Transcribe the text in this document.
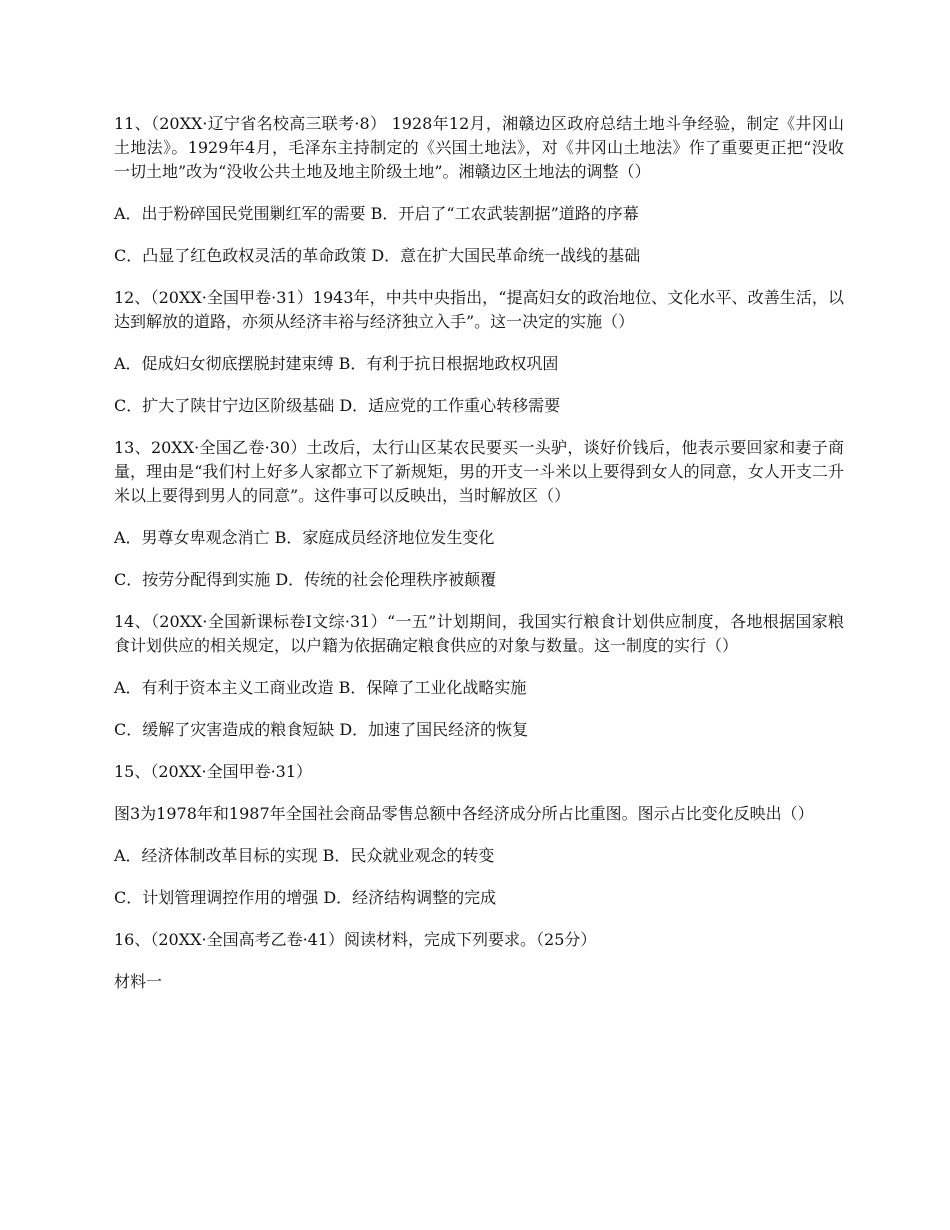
11、（20XX·辽宁省名校高三联考·8） 1928年12月，湘赣边区政府总结土地斗争经验，制定《井冈山土地法》。1929年4月，毛泽东主持制定的《兴国土地法》，对《井冈山土地法》作了重要更正把“没收一切土地”改为“没收公共土地及地主阶级土地”。湘赣边区土地法的调整（）

A．出于粉碎国民党围剿红军的需要 B．开启了“工农武装割据”道路的序幕

C．凸显了红色政权灵活的革命政策 D．意在扩大国民革命统一战线的基础

12、（20XX·全国甲卷·31）1943年，中共中央指出，“提高妇女的政治地位、文化水平、改善生活，以达到解放的道路，亦须从经济丰裕与经济独立入手”。这一决定的实施（）

A．促成妇女彻底摆脱封建束缚 B．有利于抗日根据地政权巩固

C．扩大了陕甘宁边区阶级基础 D．适应党的工作重心转移需要

13、20XX·全国乙卷·30）土改后，太行山区某农民要买一头驴，谈好价钱后，他表示要回家和妻子商量，理由是“我们村上好多人家都立下了新规矩，男的开支一斗米以上要得到女人的同意，女人开支二升米以上要得到男人的同意”。这件事可以反映出，当时解放区（）

A．男尊女卑观念消亡 B．家庭成员经济地位发生变化

C．按劳分配得到实施 D．传统的社会伦理秩序被颠覆

14、（20XX·全国新课标卷Ⅰ文综·31）“一五”计划期间，我国实行粮食计划供应制度，各地根据国家粮食计划供应的相关规定，以户籍为依据确定粮食供应的对象与数量。这一制度的实行（）

A．有利于资本主义工商业改造 B．保障了工业化战略实施

C．缓解了灾害造成的粮食短缺 D．加速了国民经济的恢复

15、（20XX·全国甲卷·31）

图3为1978年和1987年全国社会商品零售总额中各经济成分所占比重图。图示占比变化反映出（）

A．经济体制改革目标的实现 B．民众就业观念的转变

C．计划管理调控作用的增强 D．经济结构调整的完成

16、（20XX·全国高考乙卷·41）阅读材料，完成下列要求。（25分）

材料一
